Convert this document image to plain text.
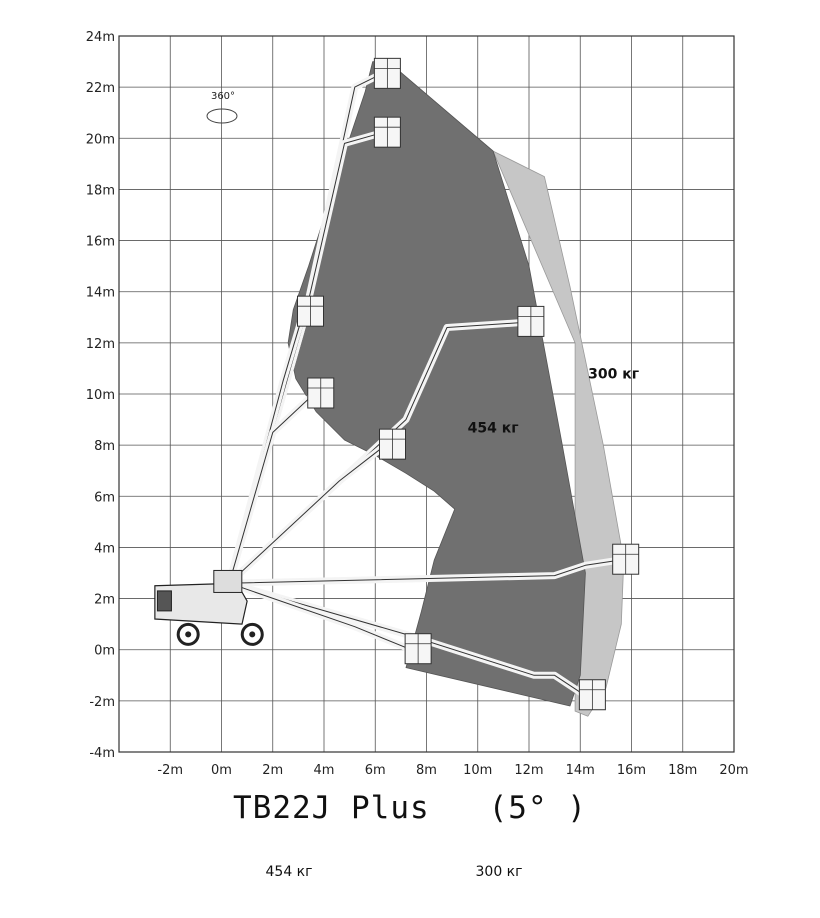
-2m 0m 2m 4m 6m 8m 10m 12m 14m 16m 18m 20m
24m
22m
20m
18m
16m
14m
12m
10m
8m
6m
4m
2m
0m
-2m
-4m
300 кг
454 кг
360°
TB22J Plus   (5° )
454 кг	300 кг
